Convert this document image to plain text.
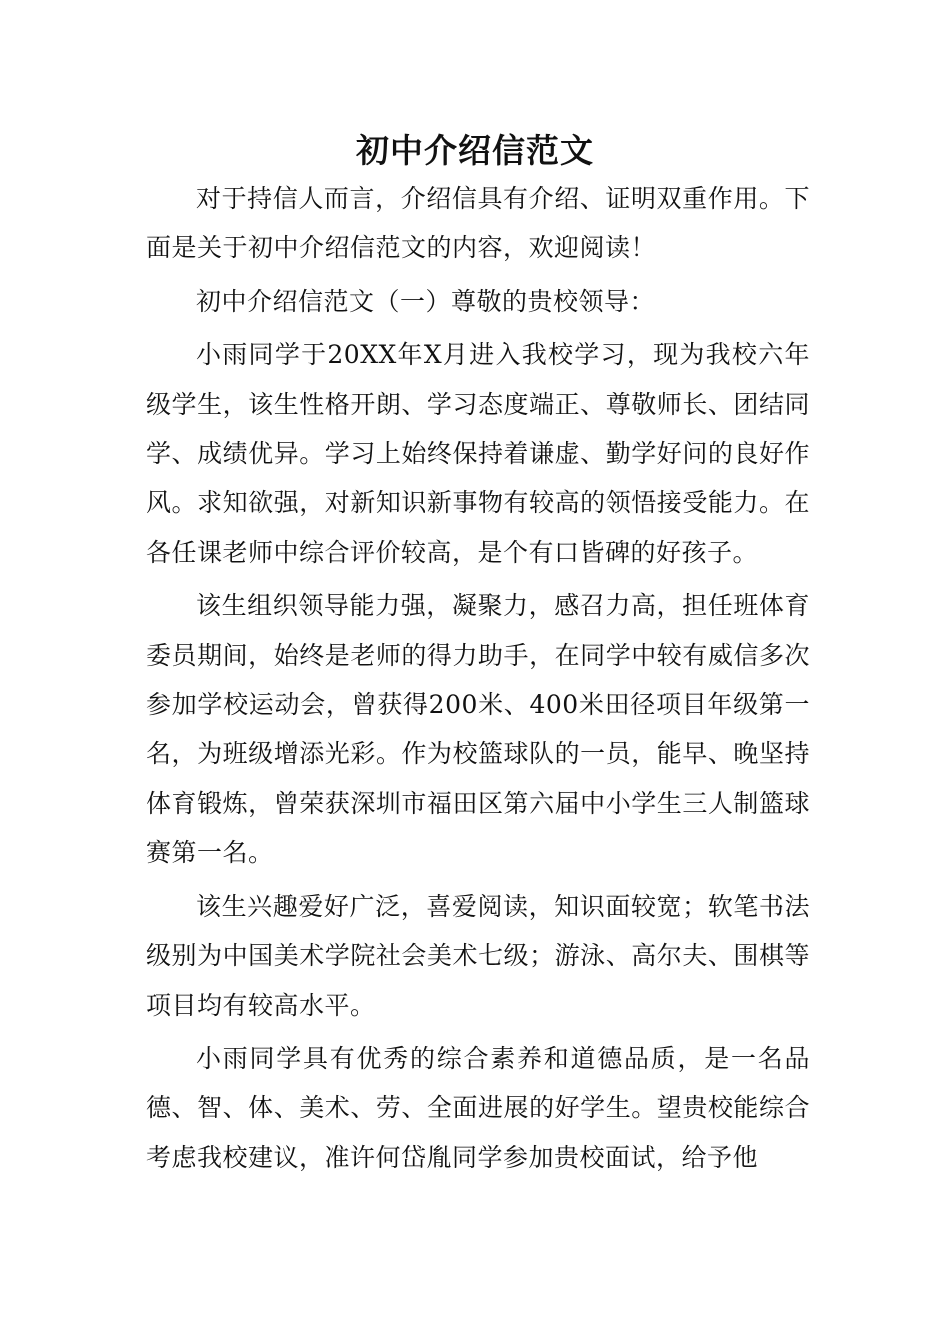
初中介绍信范文

对于持信人而言，介绍信具有介绍、证明双重作用。下面是关于初中介绍信范文的内容，欢迎阅读！

初中介绍信范文（一）尊敬的贵校领导：

小雨同学于20XX年X月进入我校学习，现为我校六年级学生，该生性格开朗、学习态度端正、尊敬师长、团结同学、成绩优异。学习上始终保持着谦虚、勤学好问的良好作风。求知欲强，对新知识新事物有较高的领悟接受能力。在各任课老师中综合评价较高，是个有口皆碑的好孩子。

该生组织领导能力强，凝聚力，感召力高，担任班体育委员期间，始终是老师的得力助手，在同学中较有威信多次参加学校运动会，曾获得200米、400米田径项目年级第一名，为班级增添光彩。作为校篮球队的一员，能早、晚坚持体育锻炼，曾荣获深圳市福田区第六届中小学生三人制篮球赛第一名。

该生兴趣爱好广泛，喜爱阅读，知识面较宽；软笔书法级别为中国美术学院社会美术七级；游泳、高尔夫、围棋等项目均有较高水平。

小雨同学具有优秀的综合素养和道德品质，是一名品德、智、体、美术、劳、全面进展的好学生。望贵校能综合考虑我校建议，准许何岱胤同学参加贵校面试，给予他
